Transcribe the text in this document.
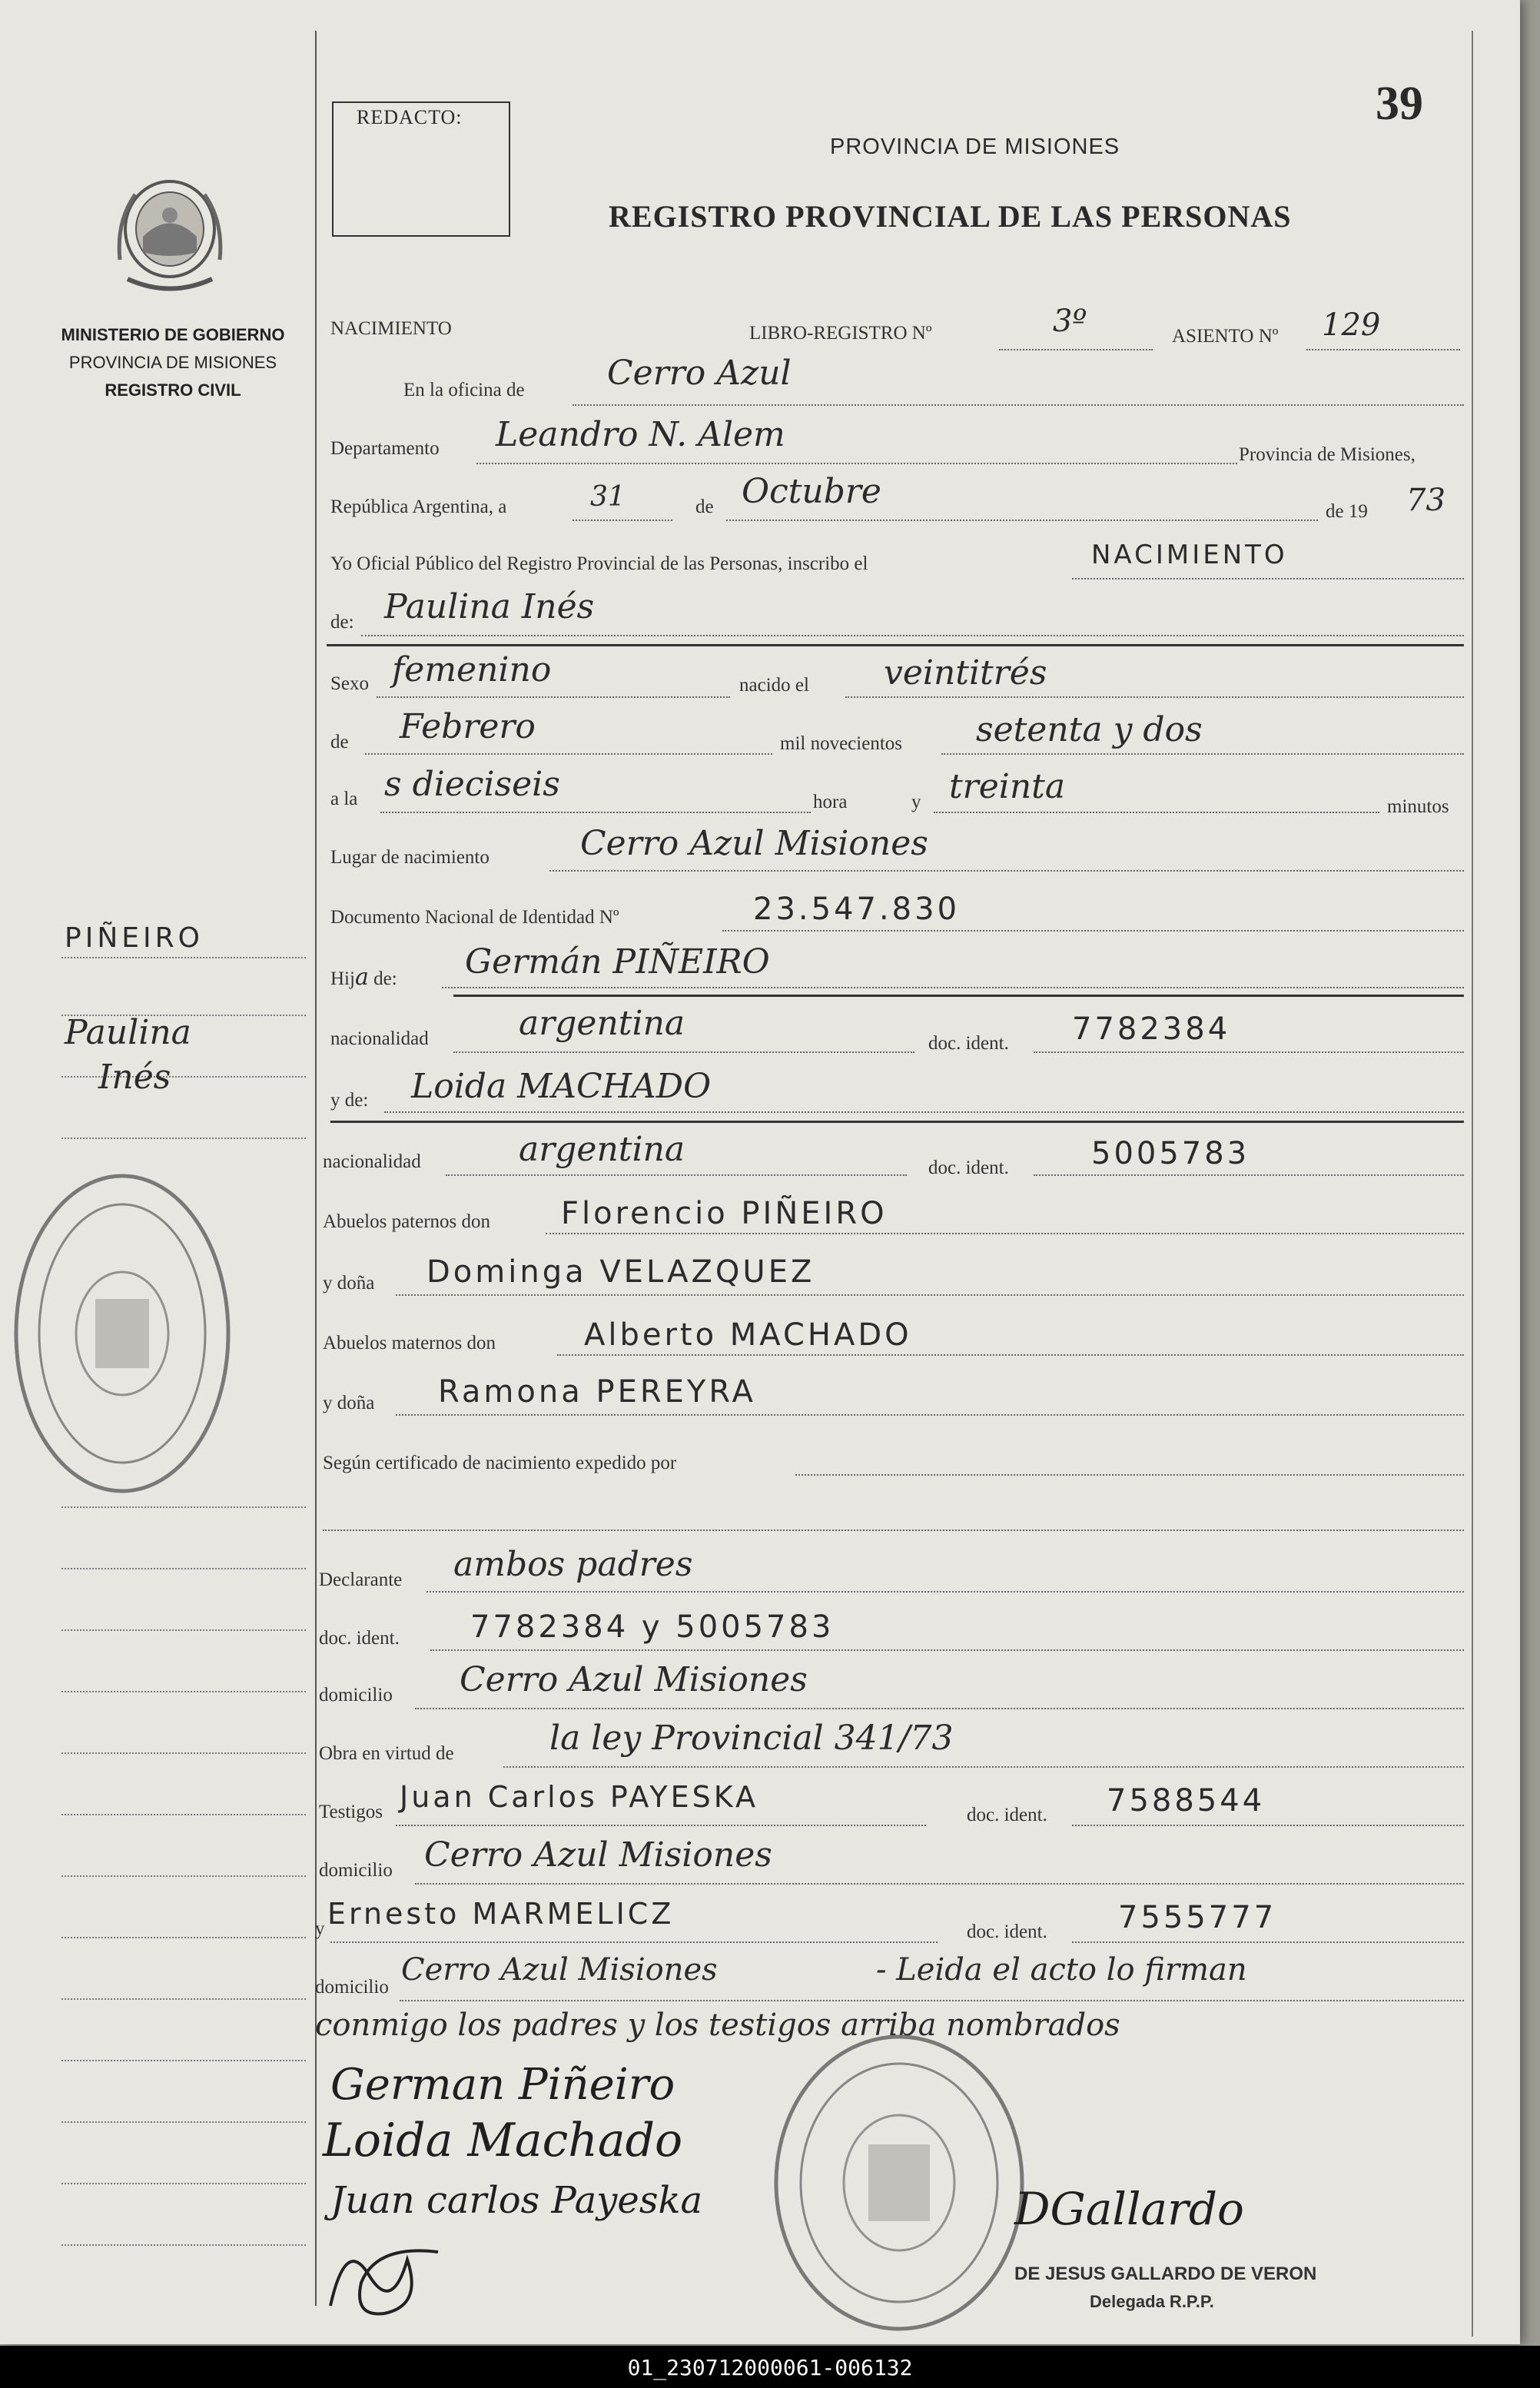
REDACTO:	39
PROVINCIA DE MISIONES
REGISTRO PROVINCIAL DE LAS PERSONAS
MINISTERIO DE GOBIERNO
PROVINCIA DE MISIONES
REGISTRO CIVIL
PIÑEIRO
Paulina
Inés
NACIMIENTO	LIBRO-REGISTRO Nº	3º	ASIENTO Nº 129
En la oficina de Cerro Azul
Departamento Leandro N. Alem
Provincia de Misiones,
República Argentina, a	31	de Octubre
de 19 73
Yo Oficial Público del Registro Provincial de las Personas, inscribo el	NACIMIENTO
de: Paulina Inés
Sexo femenino	nacido el veintitrés
de Febrero	mil novecientos setenta y dos
a la s dieciseis	hora	y treinta
minutos
Lugar de nacimiento	Cerro Azul Misiones
Documento Nacional de Identidad Nº	23.547.830
Hija de: Germán PIÑEIRO
nacionalidad	argentina
doc. ident. 7782384
y de: Loida MACHADO
nacionalidad	argentina	doc. ident.	5005783
Abuelos paternos don Florencio PIÑEIRO
y doña Dominga VELAZQUEZ
Abuelos maternos don	Alberto MACHADO
y doña Ramona PEREYRA
Según certificado de nacimiento expedido por
Declarante ambos padres
doc. ident. 7782384 y 5005783
domicilio Cerro Azul Misiones
Obra en virtud de	la ley Provincial 341/73
Testigos Juan Carlos PAYESKA
doc. ident. 7588544
domicilio Cerro Azul Misiones
y Ernesto MARMELICZ
doc. ident. 7555777
domicilio Cerro Azul Misiones	- Leida el acto lo firman
conmigo los padres y los testigos arriba nombrados
German Piñeiro
Loida Machado
Juan carlos Payeska	DGallardo
DE JESUS GALLARDO DE VERON
Delegada R.P.P.
01_230712000061-006132
